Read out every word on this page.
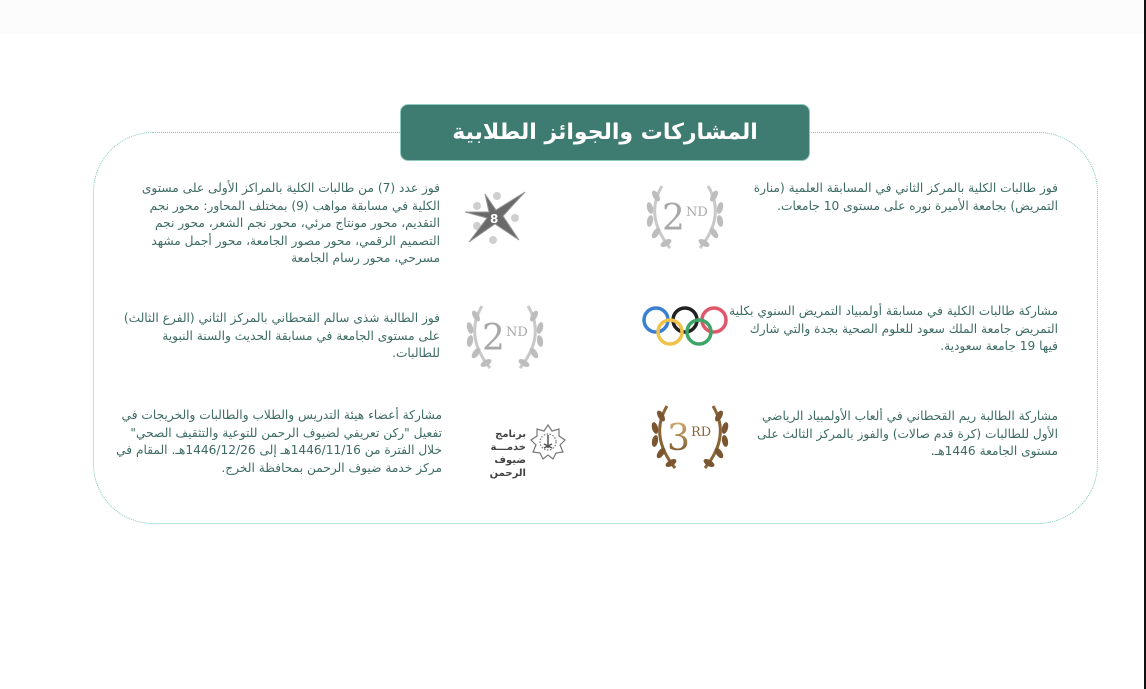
المشاركات والجوائز الطلابية
2 ND
فوز طالبات الكلية بالمركز الثاني في المسابقة العلمية (منارة التمريض) بجامعة الأميرة نوره على مستوى 10 جامعات.
8
فوز عدد (7) من طالبات الكلية بالمراكز الأولى على مستوى الكلية في مسابقة مواهب (9) بمختلف المحاور: محور نجم التقديم، محور مونتاج مرئي، محور نجم الشعر، محور نجم التصميم الرقمي، محور مصور الجامعة، محور أجمل مشهد مسرحي، محور رسام الجامعة
مشاركة طالبات الكلية في مسابقة أولمبياد التمريض السنوي بكلية التمريض جامعة الملك سعود للعلوم الصحية بجدة والتي شارك فيها 19 جامعة سعودية.
2 ND
فوز الطالبة شذى سالم القحطاني بالمركز الثاني (الفرع الثالث) على مستوى الجامعة في مسابقة الحديث والسنة النبوية للطالبات.
3 RD
مشاركة الطالبة ريم القحطاني في ألعاب الأولمبياد الرياضي الأول للطالبات (كرة قدم صالات) والفوز بالمركز الثالث على مستوى الجامعة 1446هـ.
برنامج خدمـــة
ضيوف الرحمن
مشاركة أعضاء هيئة التدريس والطلاب والطالبات والخريجات في تفعيل "ركن تعريفي لضيوف الرحمن للتوعية والتثقيف الصحي" خلال الفترة من 1446/11/16هـ إلى 1446/12/26هـ. المقام في مركز خدمة ضيوف الرحمن بمحافظة الخرج.
